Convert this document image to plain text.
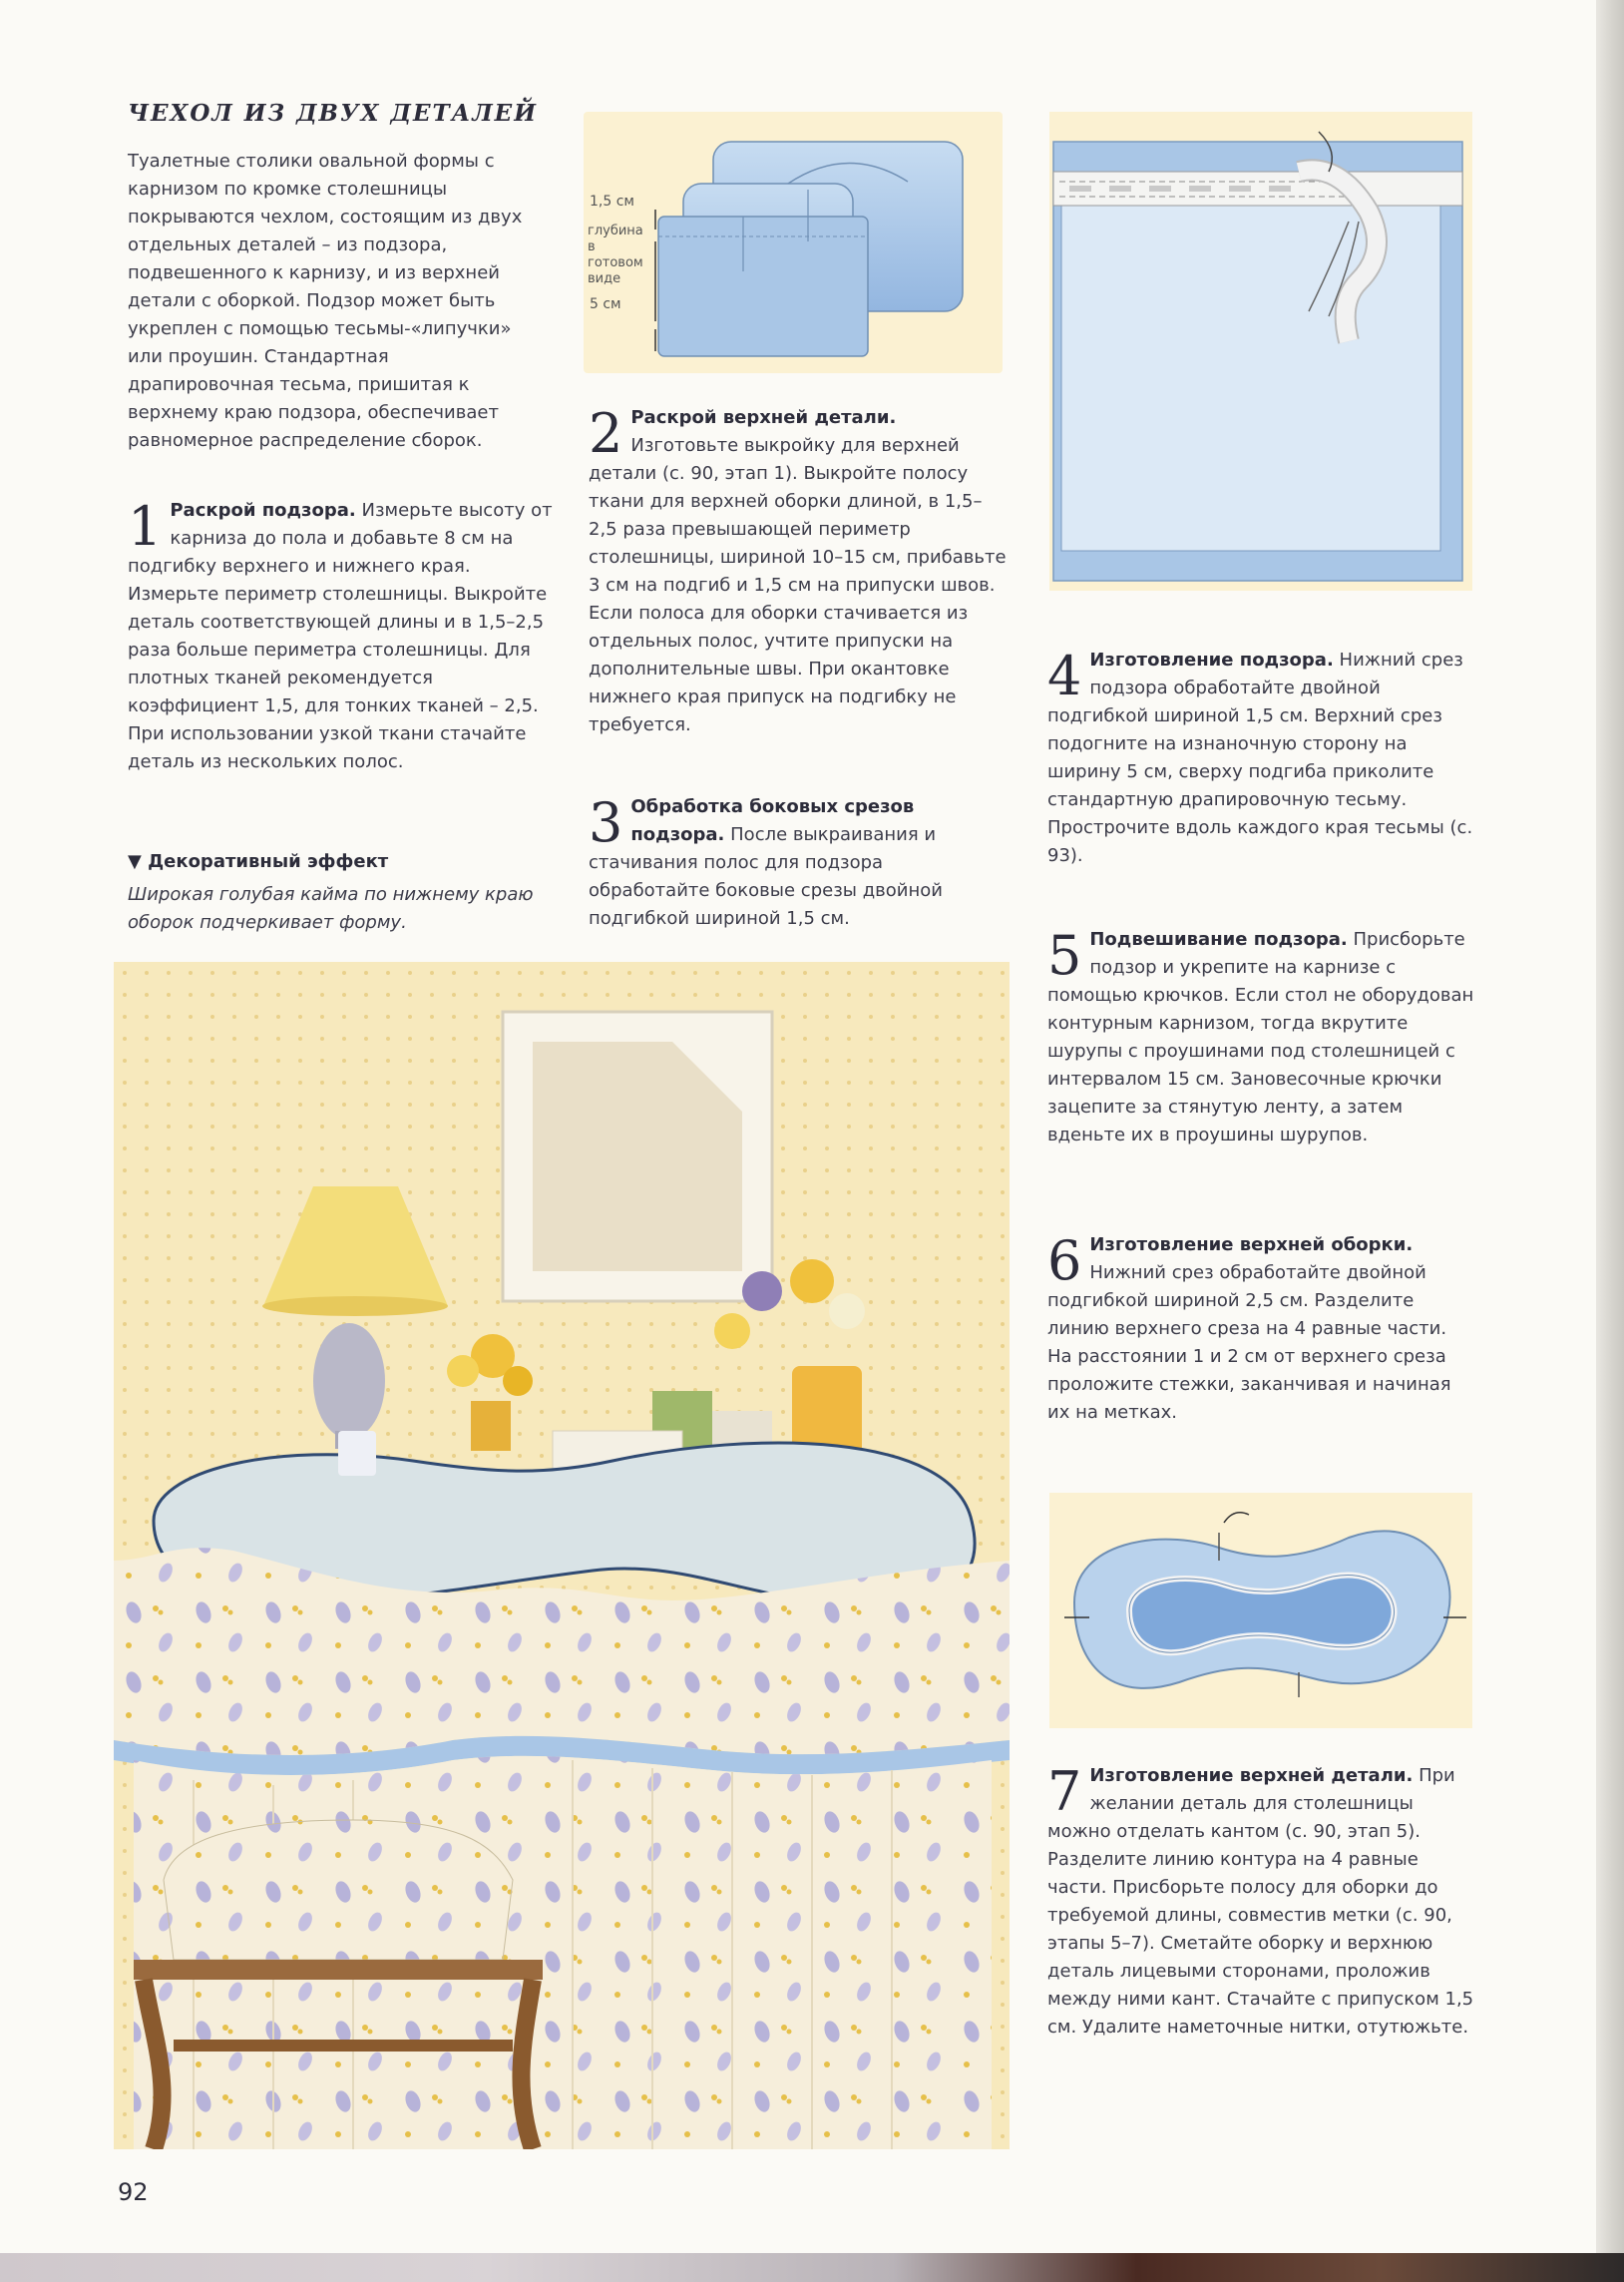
ЧЕХОЛ ИЗ ДВУХ ДЕТАЛЕЙ
Туалетные столики овальной формы с карнизом по кромке столешницы покрываются чехлом, состоящим из двух отдельных деталей – из подзора, подвешенного к карнизу, и из верхней детали с оборкой. Подзор может быть укреплен с помощью тесьмы-«липучки» или проушин. Стандартная драпировочная тесьма, пришитая к верхнему краю подзора, обеспечивает равномерное распределение сборок.
1 Раскрой подзора. Измерьте высоту от карниза до пола и добавьте 8 см на подгибку верхнего и нижнего края. Измерьте периметр столешницы. Выкройте деталь соответствующей длины и в 1,5–2,5 раза больше периметра столешницы. Для плотных тканей рекомендуется коэффициент 1,5, для тонких тканей – 2,5. При использовании узкой ткани стачайте деталь из нескольких полос.
▼ Декоративный эффект
Широкая голубая кайма по нижнему краю оборок подчеркивает форму.
1,5 см
глубина в готовом виде
5 см
2 Раскрой верхней детали. Изготовьте выкройку для верхней детали (с. 90, этап 1). Выкройте полосу ткани для верхней оборки длиной, в 1,5–2,5 раза превышающей периметр столешницы, шириной 10–15 см, прибавьте 3 см на подгиб и 1,5 см на припуски швов. Если полоса для оборки стачивается из отдельных полос, учтите припуски на дополнительные швы. При окантовке нижнего края припуск на подгибку не требуется.
3 Обработка боковых срезов подзора. После выкраивания и стачивания полос для подзора обработайте боковые срезы двойной подгибкой шириной 1,5 см.
4 Изготовление подзора. Нижний срез подзора обработайте двойной подгибкой шириной 1,5 см. Верхний срез подогните на изнаночную сторону на ширину 5 см, сверху подгиба приколите стандартную драпировочную тесьму. Прострочите вдоль каждого края тесьмы (с. 93).
5 Подвешивание подзора. Присборьте подзор и укрепите на карнизе с помощью крючков. Если стол не оборудован контурным карнизом, тогда вкрутите шурупы с проушинами под столешницей с интервалом 15 см. Зановесочные крючки зацепите за стянутую ленту, а затем вденьте их в проушины шурупов.
6 Изготовление верхней оборки. Нижний срез обработайте двойной подгибкой шириной 2,5 см. Разделите линию верхнего среза на 4 равные части. На расстоянии 1 и 2 см от верхнего среза проложите стежки, заканчивая и начиная их на метках.
7 Изготовление верхней детали. При желании деталь для столешницы можно отделать кантом (с. 90, этап 5). Разделите линию контура на 4 равные части. Присборьте полосу для оборки до требуемой длины, совместив метки (с. 90, этапы 5–7). Сметайте оборку и верхнюю деталь лицевыми сторонами, проложив между ними кант. Стачайте с припуском 1,5 см. Удалите наметочные нитки, отутюжьте.
92
